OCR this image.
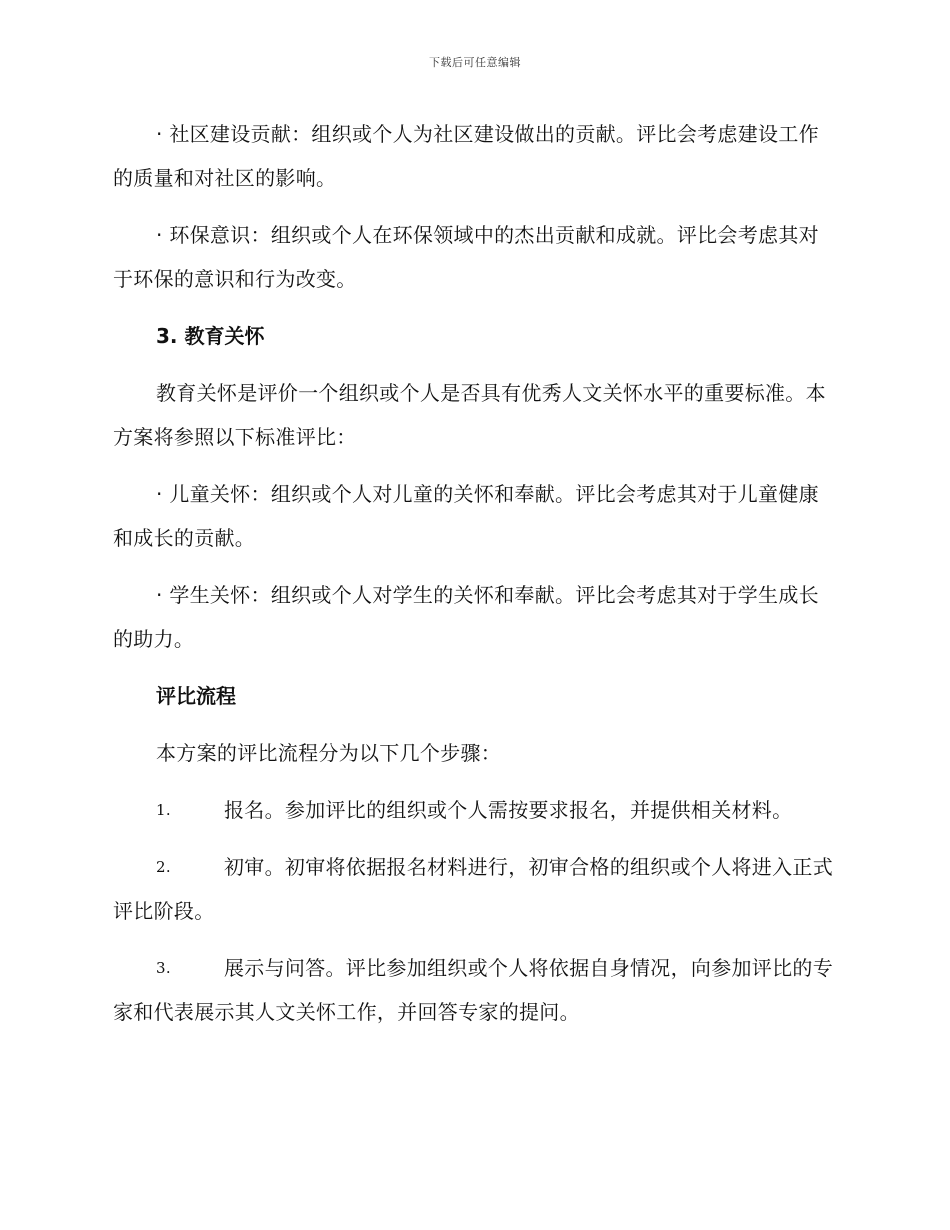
下载后可任意编辑

· 社区建设贡献：组织或个人为社区建设做出的贡献。评比会考虑建设工作的质量和对社区的影响。

· 环保意识：组织或个人在环保领域中的杰出贡献和成就。评比会考虑其对于环保的意识和行为改变。

3. 教育关怀

教育关怀是评价一个组织或个人是否具有优秀人文关怀水平的重要标准。本方案将参照以下标准评比：

· 儿童关怀：组织或个人对儿童的关怀和奉献。评比会考虑其对于儿童健康和成长的贡献。

· 学生关怀：组织或个人对学生的关怀和奉献。评比会考虑其对于学生成长的助力。

评比流程

本方案的评比流程分为以下几个步骤：

1.	报名。参加评比的组织或个人需按要求报名，并提供相关材料。

2.	初审。初审将依据报名材料进行，初审合格的组织或个人将进入正式评比阶段。

3.	展示与问答。评比参加组织或个人将依据自身情况，向参加评比的专家和代表展示其人文关怀工作，并回答专家的提问。
